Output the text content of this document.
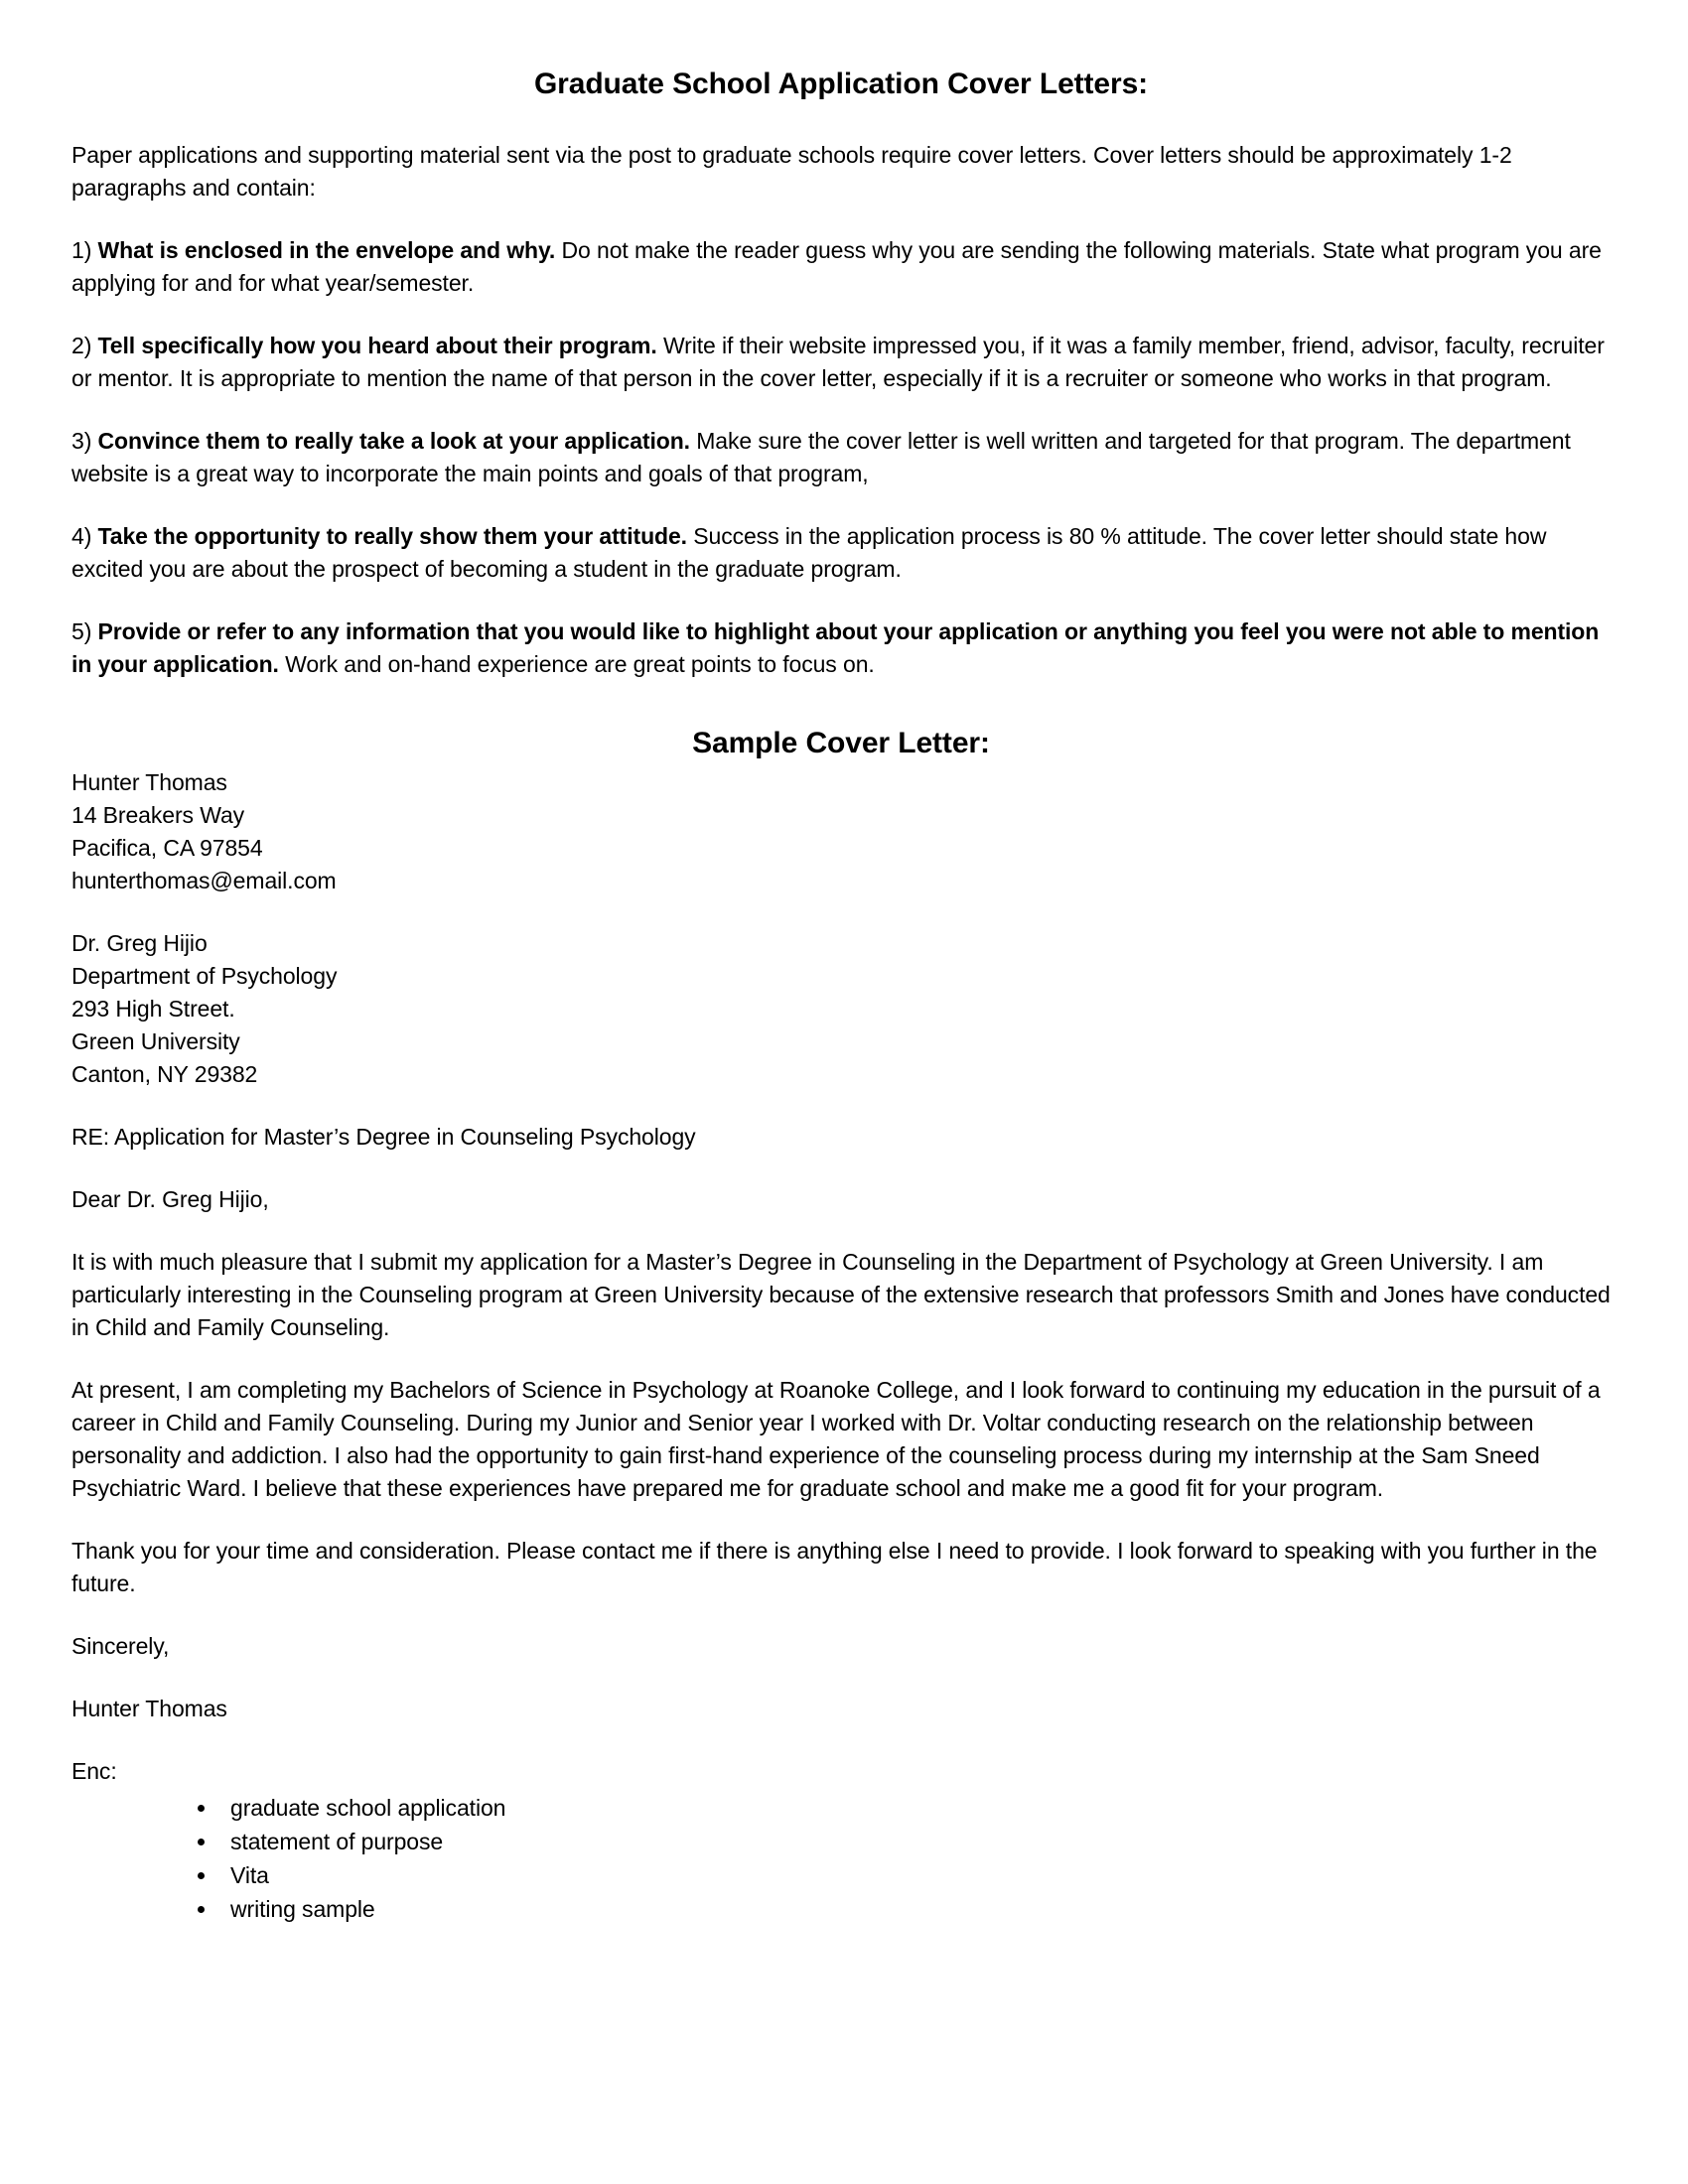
Graduate School Application Cover Letters:

Paper applications and supporting material sent via the post to graduate schools require cover letters. Cover letters should be approximately 1-2 paragraphs and contain:

1) What is enclosed in the envelope and why. Do not make the reader guess why you are sending the following materials. State what program you are applying for and for what year/semester.

2) Tell specifically how you heard about their program. Write if their website impressed you, if it was a family member, friend, advisor, faculty, recruiter or mentor. It is appropriate to mention the name of that person in the cover letter, especially if it is a recruiter or someone who works in that program.

3) Convince them to really take a look at your application. Make sure the cover letter is well written and targeted for that program. The department website is a great way to incorporate the main points and goals of that program,

4) Take the opportunity to really show them your attitude. Success in the application process is 80 % attitude. The cover letter should state how excited you are about the prospect of becoming a student in the graduate program.

5) Provide or refer to any information that you would like to highlight about your application or anything you feel you were not able to mention in your application. Work and on-hand experience are great points to focus on.

Sample Cover Letter:
Hunter Thomas
14 Breakers Way
Pacifica, CA 97854
hunterthomas@email.com
Dr. Greg Hijio
Department of Psychology
293 High Street.
Green University
Canton, NY 29382

RE: Application for Master’s Degree in Counseling Psychology

Dear Dr. Greg Hijio,

It is with much pleasure that I submit my application for a Master’s Degree in Counseling in the Department of Psychology at Green University. I am particularly interesting in the Counseling program at Green University because of the extensive research that professors Smith and Jones have conducted in Child and Family Counseling.

At present, I am completing my Bachelors of Science in Psychology at Roanoke College, and I look forward to continuing my education in the pursuit of a career in Child and Family Counseling. During my Junior and Senior year I worked with Dr. Voltar conducting research on the relationship between personality and addiction. I also had the opportunity to gain first-hand experience of the counseling process during my internship at the Sam Sneed Psychiatric Ward. I believe that these experiences have prepared me for graduate school and make me a good fit for your program.

Thank you for your time and consideration. Please contact me if there is anything else I need to provide. I look forward to speaking with you further in the future.

Sincerely,

Hunter Thomas

Enc:
• graduate school application
• statement of purpose
• Vita
• writing sample
